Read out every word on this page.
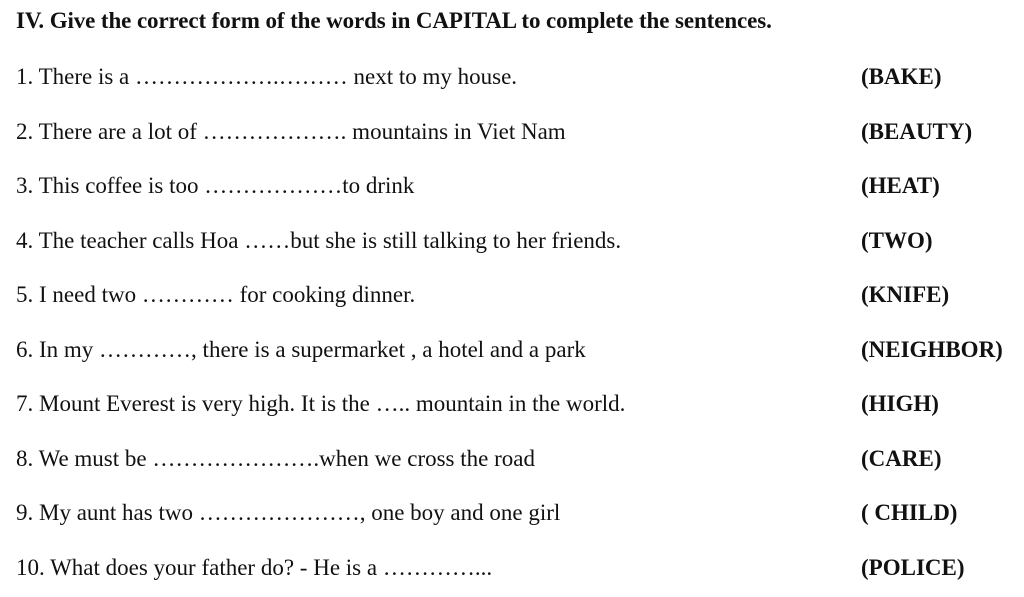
IV. Give the correct form of the words in CAPITAL to complete the sentences.
1. There is a ……………….……… next to my house.	(BAKE)
2. There are a lot of ………………. mountains in Viet Nam	(BEAUTY)
3. This coffee is too ………………to drink	(HEAT)
4. The teacher calls Hoa ……but she is still talking to her friends.	(TWO)
5. I need two ………… for cooking dinner.	(KNIFE)
6. In my …………, there is a supermarket , a hotel and a park	(NEIGHBOR)
7. Mount Everest is very high. It is the ….. mountain in the world.	(HIGH)
8. We must be ………………….when we cross the road	(CARE)
9. My aunt has two …………………, one boy and one girl	( CHILD)
10. What does your father do? - He is a …………...	(POLICE)
